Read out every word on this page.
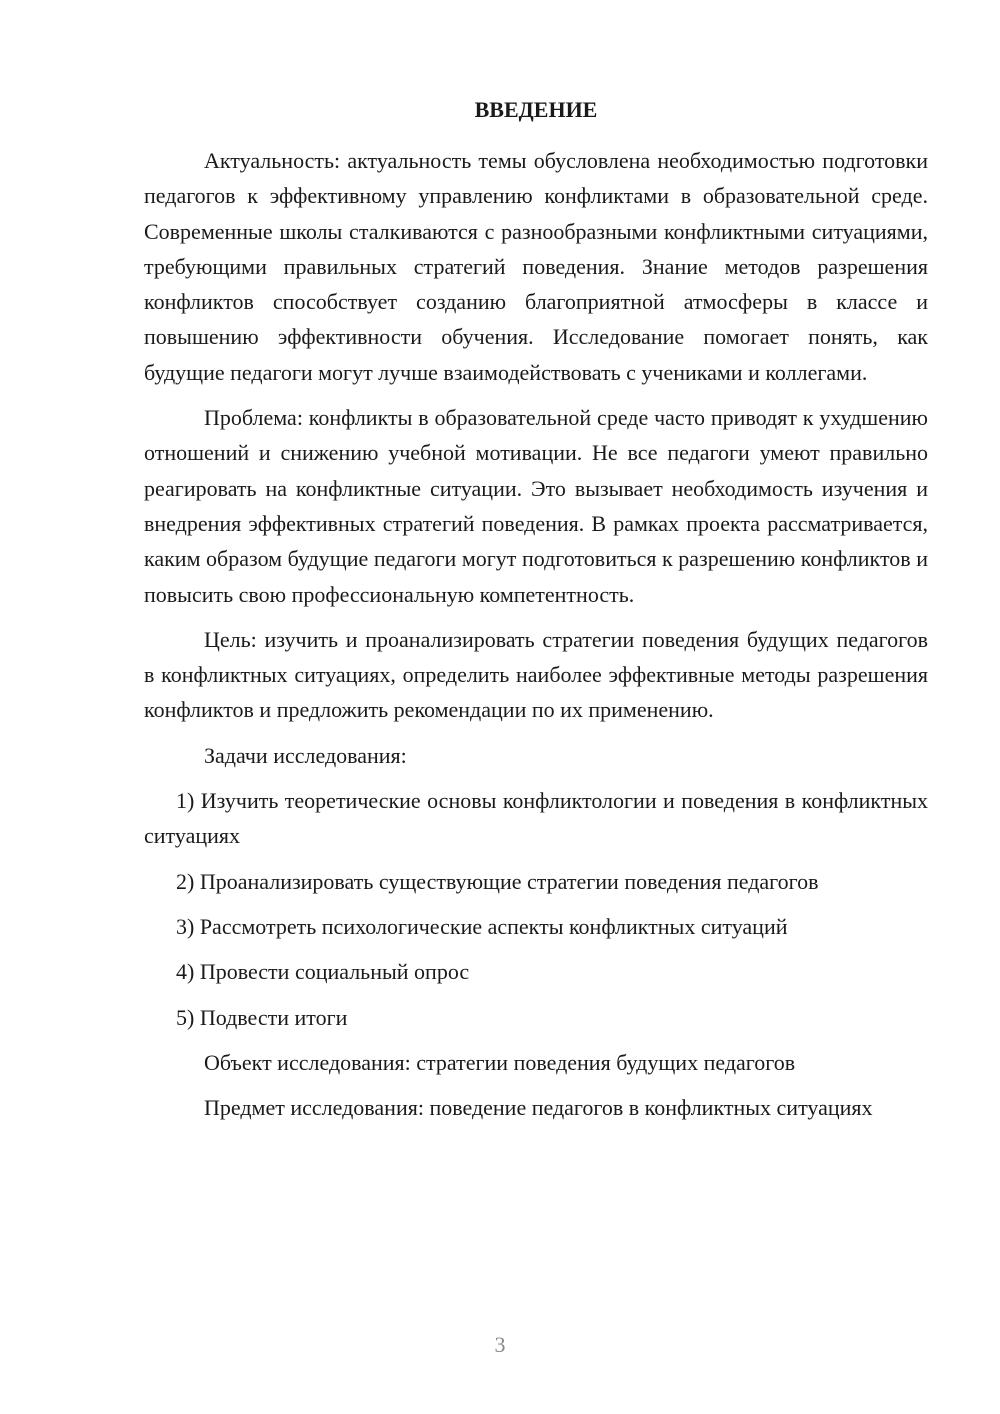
ВВЕДЕНИЕ

Актуальность: актуальность темы обусловлена необходимостью подготовки педагогов к эффективному управлению конфликтами в образовательной среде. Современные школы сталкиваются с разнообразными конфликтными ситуациями, требующими правильных стратегий поведения. Знание методов разрешения конфликтов способствует созданию благоприятной атмосферы в классе и повышению эффективности обучения. Исследование помогает понять, как будущие педагоги могут лучше взаимодействовать с учениками и коллегами.

Проблема: конфликты в образовательной среде часто приводят к ухудшению отношений и снижению учебной мотивации. Не все педагоги умеют правильно реагировать на конфликтные ситуации. Это вызывает необходимость изучения и внедрения эффективных стратегий поведения. В рамках проекта рассматривается, каким образом будущие педагоги могут подготовиться к разрешению конфликтов и повысить свою профессиональную компетентность.

Цель: изучить и проанализировать стратегии поведения будущих педагогов в конфликтных ситуациях, определить наиболее эффективные методы разрешения конфликтов и предложить рекомендации по их применению.

Задачи исследования:

1) Изучить теоретические основы конфликтологии и поведения в конфликтных ситуациях

2) Проанализировать существующие стратегии поведения педагогов

3) Рассмотреть психологические аспекты конфликтных ситуаций

4) Провести социальный опрос

5) Подвести итоги

Объект исследования: стратегии поведения будущих педагогов

Предмет исследования: поведение педагогов в конфликтных ситуациях

3
